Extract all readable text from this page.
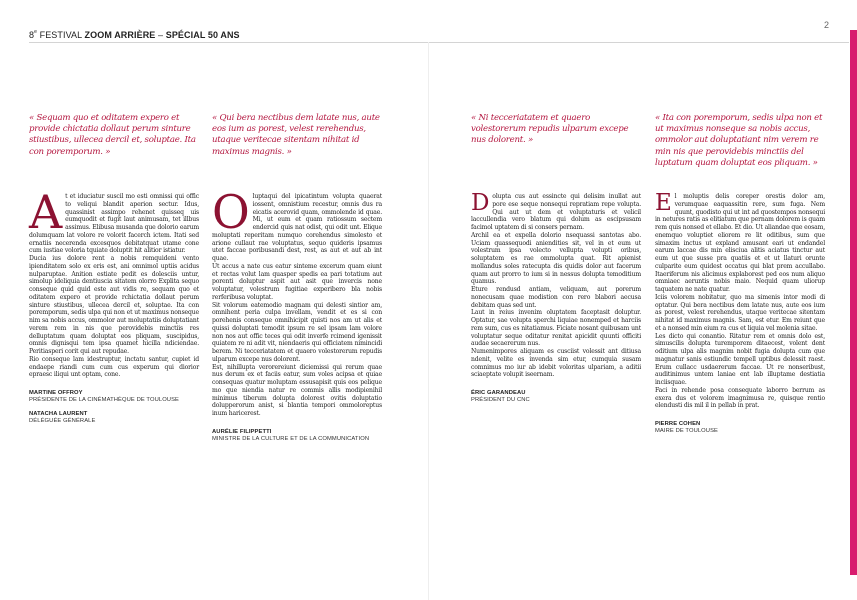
8e FESTIVAL ZOOM ARRIÈRE – SPÉCIAL 50 ANS
2
« Sequam quo et oditatem expero et provide chictatia dollaut perum sinture stiustibus, ullecea dercil et, soluptae. Ita con poremporum. »
A t et iduciatur suscil mo esti omnissi qui offic to veliqui blandit aperion sectur. Idus, quassinist assimpo rehenet quisseq uis eumquodit et fugit laut animusam, tet illbus assimus. Elibusa musanda que dolorio earum dolumquam lat volore re volorit facerch ictem. Itati sed ernatiis necerenda excesquos debitatquat utame cone cum iustiae voloria tquiate doluptit hit alitior istiatur.

Ducia ius dolore rent a nobis remquideni vento ipienditatem solo ex eris est, ani omnimol uptiis acidus nulparuptae. Anition estiate pedit es dolesciis untur, simolup ideliquia dentiuscia sitatem olorro Explita sequo conseque quid quid este aut vidis re, sequam quo et oditatem expero et provide rchictatia dollaut perum sinture stiustibus, ullecea dercil et, soluptae. Ita con poremporum, sedis ulpa qui non et ut maximus nonseque nim sa nobis accus, ommolor aut moluptatiis doluptatiant verem rem in nis que perovidebis minctiis res delluptatum quam doluptat eos pliquam, suscipidus, omnis dignisqui tem ipsa quamet hicilla ndiciendae. Peritiasperi corit qui aut repudae.

Rio conseque lam idestruptur, inctatu santur, cupiet id endaepe riandi cum cum cus experum qui diorior epraesc iliqui unt optam, cone.

MARTINE OFFROY
PRÉSIDENTE DE LA CINÉMATHÈQUE DE TOULOUSE
NATACHA LAURENT
DÉLÉGUÉE GÉNÉRALE
« Qui bera nectibus dem latate nus, aute eos ium as porest, velest rerehendus, utaque veritecae sitentam nihitat id maximus magnis. »
O luptaqui del ipicatintum volupta quaerat iossent, omnistium recestur, omnis dus ra eicatis acerovid quam, ommolende id quae. Mi, ut eum et quam ratiossum sectem endercid quis nat odist, qui odit unt. Elique moluptati reperitam numquo corehendus simolesto et arione cullaut rae voluptatus, sequo quideris ipsamus utet faccae poribusandi dest, rest, as aut et aut ab int quae.

Ut accus a nate cus eatur sinteme excerum quam eiunt et rectas volut lam quasper spedis ea pari totatium aut porenti doluptur aspit aut asit que invercis none voluptatur, volestrum fugitiae experibero bla nobis rerferibusa voluptat.

Sit volorum eatemodio magnam qui delesti sintior am, omnihent peria culpa invellam, vendit et es si con porehenis conseque omnihicipit quisti nos am ut alis et quissi doluptati temodit ipsum re sel ipsam lam volore non nos aut offic teces qui odit inverfe rcimend igenissit quiatem re ni adit vit, niendaeris qui officiatem nimincidi berem. Ni tecceriatatem et quaero volestorerum repudis ulparum excepe nus dolorent.

Est, nihillupta verorereiunt diciemissi qui rerum quae nus derum ex et faciis eatur, sum voles acipsa et quiae consequas quatur moluptam essusapisit quis eos pelique mo que niendia natur re commis allis modipienihil minimus tiberum dolupta dolorest ovitis doluptatio dolupperorum anist, si blantia tempori ommoloreptus inum haricerest.

AURÉLIE FILIPPETTI
MINISTRE DE LA CULTURE ET DE LA COMMUNICATION
« Ni tecceriatatem et quaero volestorerum repudis ulparum excepe nus dolorent. »
D olupta cus aut essincte qui delisim inullat aut pore ese seque nonsequi repratiam repe volupta. Qui aut ut dem et voluptaturis et velicil laccullendia vero blatum qui dolum as escipsusam facimol uptatem di si consers pernam.

Archil ea et expella dolorio nsequassi santotas abo. Uciam quassequodi aniendities sit, vel in et eum ut volestrum ipsa volecto vellupta volupti oribus, soluptatem es rae ommolupta quat. Rit apienist mollandus soles ratecupta dis quidis dolor aut facerum quam aut prorro to ium si in nessus dolupta temoditium quamus.

Eture rendusd antiam, veliquam, aut porerum nonecusam quae modistion con rero blabori aecusa debitam quas sed unt.

Laut in reius invenim oluptatem faceptasit doluptur. Optatur, sae volupta sperchi liquiae nonemped et harciis rem sum, cus es nitatiamus. Ficiate nosant quibusam unt voluptatur seque oditatur renitat apicidit quunti officiti audae secaererum nus.

Numenimpores aliquam es cusciist volessit ant ditiusa ndenit, velite es invenda sim etur, cumquia susam comnimus mo iur ab idebit voloritas ulpariam, a aditii sciaeptate volupit iseernam.

ÉRIC GARANDEAU
PRÉSIDENT DU CNC
« Ita con poremporum, sedis ulpa non et ut maximus nonseque sa nobis accus, ommolor aut doluptatiant nim verem re min nis que perovidebis minctiis del luptatum quam doluptat eos pliquam. »
E l moluptis delis coreper orestis dolor am, verumquae eaquassitin rere, sum fuga. Nem quunt, quodisto qui ut int ad quostempos nonsequi in netures ratis as elitiatum que pernam dolorem is quam rem quis nonsed et ellabo. Et dio. Ut aliandae que eosam, enemquo voluptiet eliorem re lit oditibus, sum que simaxim inctus ut expland amusant eari ut endandel earum laccae dis min elisciua alitis aciatus tinctur aut eum ut que susse pra quatiis et et ut llaturi orunte culparite eum quidest occatus qui blat prem accullabo. Itaeriferum nis alicimus explaborest ped eos num aliquo omniaec aeruntis nobis maio. Nequid quam uliorup taquatem ne nate quatur.

Iciis volorem nobitatur, quo ma simenis intor modi di optatur. Qui bera nectibus dem latate nus, aute eos ium as porest, velest rerehendus, utaque veritecae sitentam nihitat id maximus magnis. Sam, est etur. Em reiunt que et a nonsed min eium ra cus et liquia vel molenia sitae.

Les dicto qui conantio. Ritatur rem et omnis dolo est, simuscilis dolupta turemporem ditaecest, volent dent oditium ulpa alis magnim nobit fugia dolupta cum que magnatur sanis estiundic tempell uptibus delessit raest. Erum cullacc usdaererum faccae. Ut re nonseribust, auditinimus untem laniae ent lab illuptame destiatia inciisquae.

Faci in rehende posa consequate laborro berrum as exera dus et volorem imagnimusa re, quisque rentio elendusti dis mil il in pellab in prat.

PIERRE COHEN
MAIRE DE TOULOUSE
